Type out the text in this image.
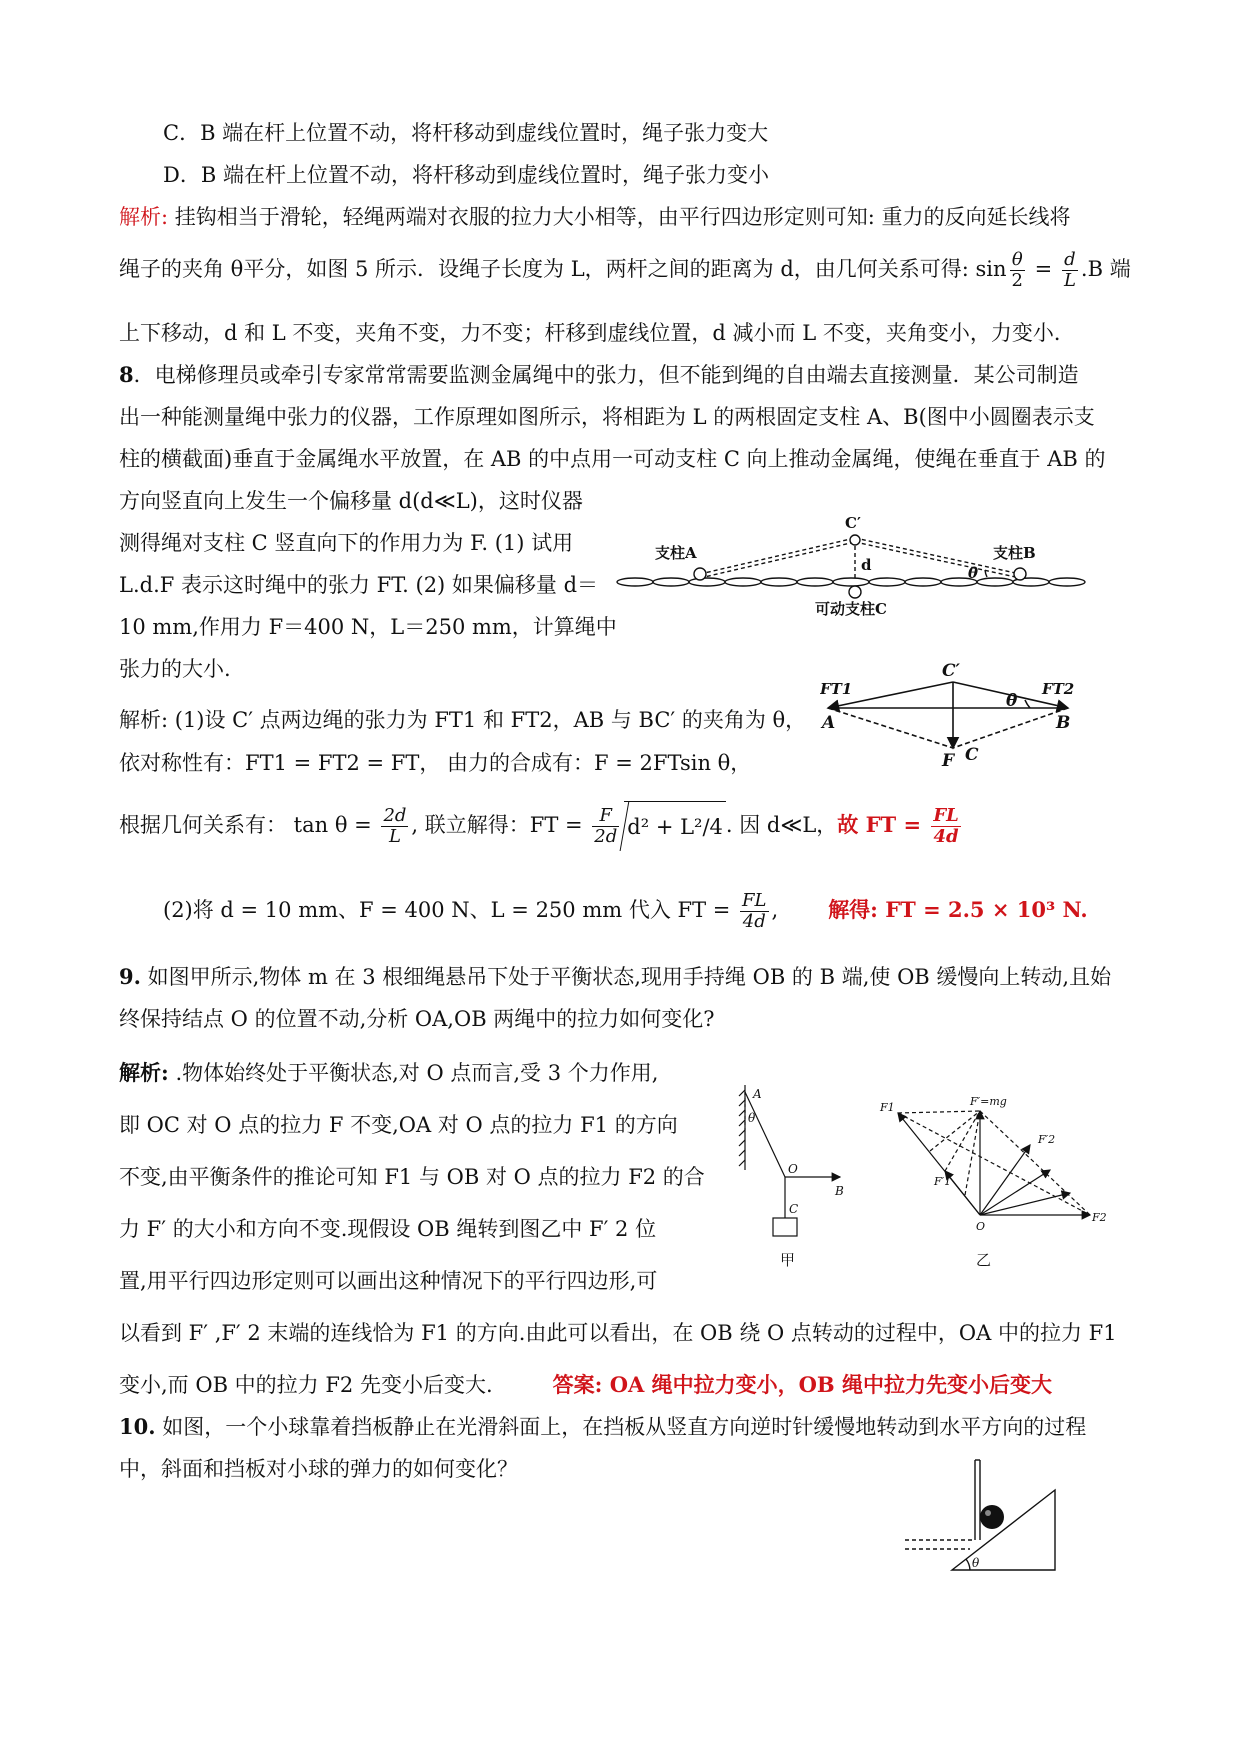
C．B 端在杆上位置不动，将杆移动到虚线位置时，绳子张力变大
D．B 端在杆上位置不动，将杆移动到虚线位置时，绳子张力变小
解析: 挂钩相当于滑轮，轻绳两端对衣服的拉力大小相等，由平行四边形定则可知: 重力的反向延长线将
绳子的夹角 θ平分，如图 5 所示．设绳子长度为 L，两杆之间的距离为 d，由几何关系可得: $\sin \frac{\theta}{2} = \frac{d}{L} .B$ 端
上下移动，d 和 L 不变，夹角不变，力不变；杆移到虚线位置，d 减小而 L 不变，夹角变小，力变小．
8．电梯修理员或牵引专家常常需要监测金属绳中的张力，但不能到绳的自由端去直接测量．某公司制造
出一种能测量绳中张力的仪器，工作原理如图所示，将相距为 L 的两根固定支柱 A、B(图中小圆圈表示支
柱的横截面)垂直于金属绳水平放置，在 AB 的中点用一可动支柱 C 向上推动金属绳，使绳在垂直于 AB 的
方向竖直向上发生一个偏移量 d(d≪L)，这时仪器
测得绳对支柱 C 竖直向下的作用力为 F. (1) 试用
L.d.F 表示这时绳中的张力 FT. (2) 如果偏移量 d＝
10 mm,作用力 F＝400 N，L＝250 mm，计算绳中
张力的大小.
C′
支柱A	支柱B
d	θ
可动支柱C
C′
FT1	FT2
A	B
F C
θ
解析: (1)设 C′ 点两边绳的张力为 FT1 和 FT2，AB 与 BC′ 的夹角为 θ，
依对称性有：FT1 = FT2 = FT， 由力的合成有：F = 2FTsin θ，
根据几何关系有： $\tan \theta = \frac{2d}{L}$ , 联立解得：FT = $\frac{F}{2d} d^2 + L^2/4$ . 因 d≪L，故 FT = $\frac{FL}{4d}$
(2)将 d = 10 mm、F = 400 N、L = 250 mm 代入 FT = $\frac{FL}{4d}$ , 解得: FT = 2.5 × 10³ N.
9. 如图甲所示,物体 m 在 3 根细绳悬吊下处于平衡状态,现用手持绳 OB 的 B 端,使 OB 缓慢向上转动,且始
终保持结点 O 的位置不动,分析 OA,OB 两绳中的拉力如何变化?
解析: .物体始终处于平衡状态,对 O 点而言,受 3 个力作用,
即 OC 对 O 点的拉力 F 不变,OA 对 O 点的拉力 F1 的方向
不变,由平衡条件的推论可知 F1 与 OB 对 O 点的拉力 F2 的合
力 F′ 的大小和方向不变.现假设 OB 绳转到图乙中 F′ 2 位
置,用平行四边形定则可以画出这种情况下的平行四边形,可
以看到 F′ ,F′ 2 末端的连线恰为 F1 的方向.由此可以看出，在 OB 绕 O 点转动的过程中，OA 中的拉力 F1
变小,而 OB 中的拉力 F2 先变小后变大.	答案: OA 绳中拉力变小，OB 绳中拉力先变小后变大
A
θ
O
B
C
甲
F1	F′=mg
F′2
F′1
O
F2
乙
10. 如图，一个小球靠着挡板静止在光滑斜面上，在挡板从竖直方向逆时针缓慢地转动到水平方向的过程
中，斜面和挡板对小球的弹力的如何变化？
θ
